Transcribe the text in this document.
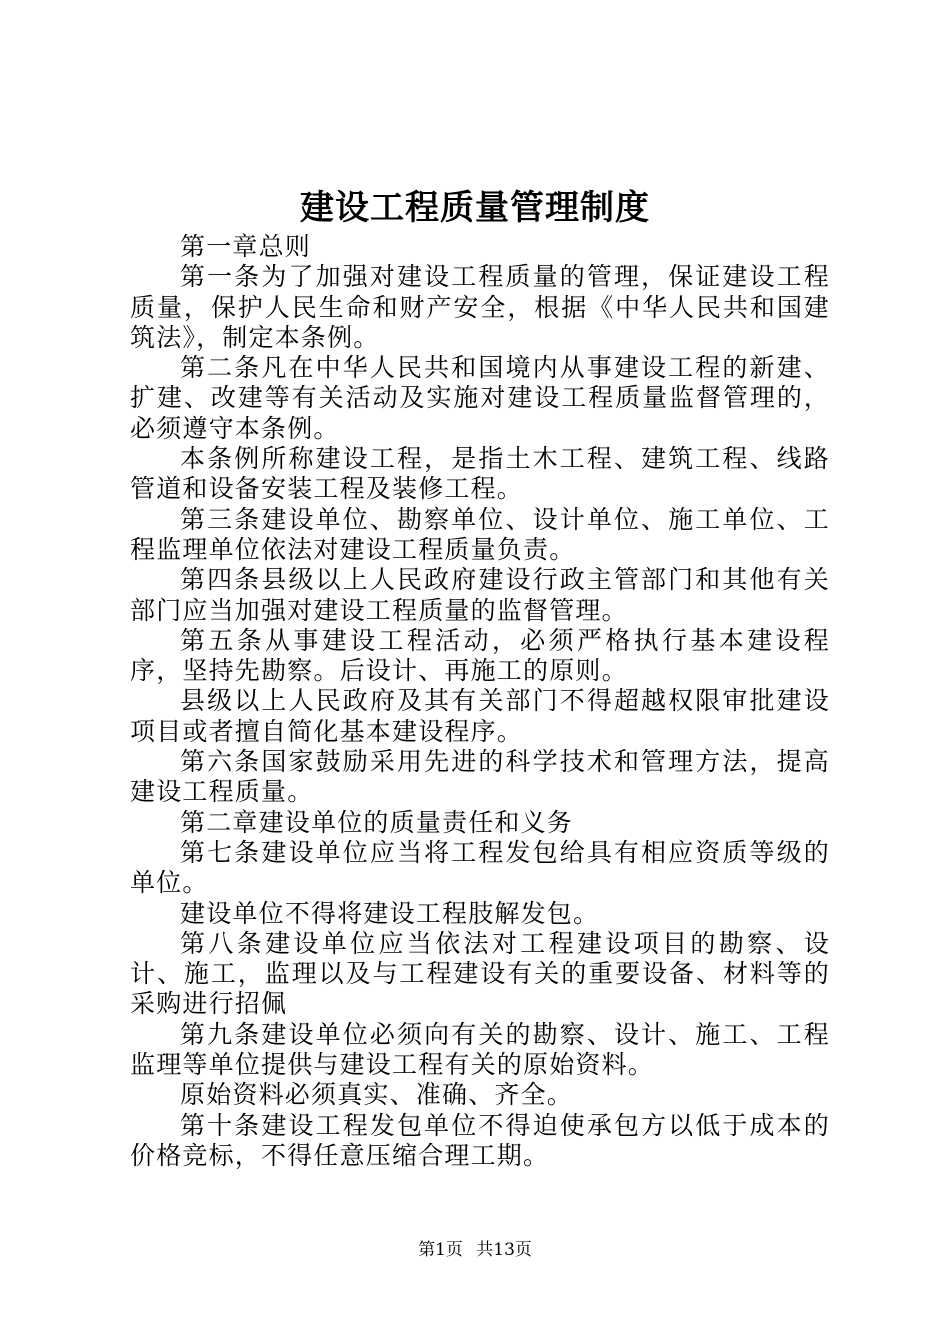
建设工程质量管理制度

第一章总则

第一条为了加强对建设工程质量的管理，保证建设工程质量，保护人民生命和财产安全，根据《中华人民共和国建筑法》，制定本条例。

第二条凡在中华人民共和国境内从事建设工程的新建、扩建、改建等有关活动及实施对建设工程质量监督管理的，必须遵守本条例。

本条例所称建设工程，是指土木工程、建筑工程、线路管道和设备安装工程及装修工程。

第三条建设单位、勘察单位、设计单位、施工单位、工程监理单位依法对建设工程质量负责。

第四条县级以上人民政府建设行政主管部门和其他有关部门应当加强对建设工程质量的监督管理。

第五条从事建设工程活动，必须严格执行基本建设程序，坚持先勘察。后设计、再施工的原则。

县级以上人民政府及其有关部门不得超越权限审批建设项目或者擅自简化基本建设程序。

第六条国家鼓励采用先进的科学技术和管理方法，提高建设工程质量。

第二章建设单位的质量责任和义务

第七条建设单位应当将工程发包给具有相应资质等级的单位。

建设单位不得将建设工程肢解发包。

第八条建设单位应当依法对工程建设项目的勘察、设计、施工，监理以及与工程建设有关的重要设备、材料等的采购进行招佩

第九条建设单位必须向有关的勘察、设计、施工、工程监理等单位提供与建设工程有关的原始资料。

原始资料必须真实、准确、齐全。

第十条建设工程发包单位不得迫使承包方以低于成本的价格竞标，不得任意压缩合理工期。

第1页 共13页
